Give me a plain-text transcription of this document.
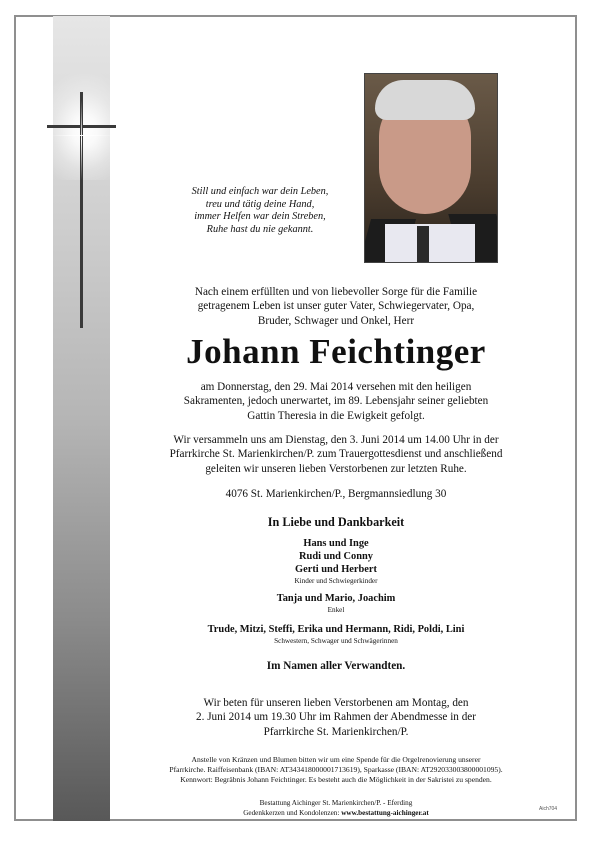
Still und einfach war dein Leben,
treu und tätig deine Hand,
immer Helfen war dein Streben,
Ruhe hast du nie gekannt.
Nach einem erfüllten und von liebevoller Sorge für die Familie
getragenem Leben ist unser guter Vater, Schwiegervater, Opa,
Bruder, Schwager und Onkel, Herr
Johann Feichtinger
am Donnerstag, den 29. Mai 2014 versehen mit den heiligen
Sakramenten, jedoch unerwartet, im 89. Lebensjahr seiner geliebten
Gattin Theresia in die Ewigkeit gefolgt.
Wir versammeln uns am Dienstag, den 3. Juni 2014 um 14.00 Uhr in der
Pfarrkirche St. Marienkirchen/P. zum Trauergottesdienst und anschließend
geleiten wir unseren lieben Verstorbenen zur letzten Ruhe.
4076 St. Marienkirchen/P., Bergmannsiedlung 30
In Liebe und Dankbarkeit
Hans und Inge
Rudi und Conny
Gerti und Herbert
Kinder und Schwiegerkinder
Tanja und Mario, Joachim
Enkel
Trude, Mitzi, Steffi, Erika und Hermann, Ridi, Poldi, Lini
Schwestern, Schwager und Schwägerinnen
Im Namen aller Verwandten.
Wir beten für unseren lieben Verstorbenen am Montag, den
2. Juni 2014 um 19.30 Uhr im Rahmen der Abendmesse in der
Pfarrkirche St. Marienkirchen/P.
Anstelle von Kränzen und Blumen bitten wir um eine Spende für die Orgelrenovierung unserer
Pfarrkirche. Raiffeisenbank (IBAN: AT343418000001713619), Sparkasse (IBAN: AT292033003800001095).
Kennwort: Begräbnis Johann Feichtinger. Es besteht auch die Möglichkeit in der Sakristei zu spenden.
Bestattung Aichinger St. Marienkirchen/P. - Eferding
Gedenkkerzen und Kondolenzen: www.bestattung-aichinger.at	Aich704
